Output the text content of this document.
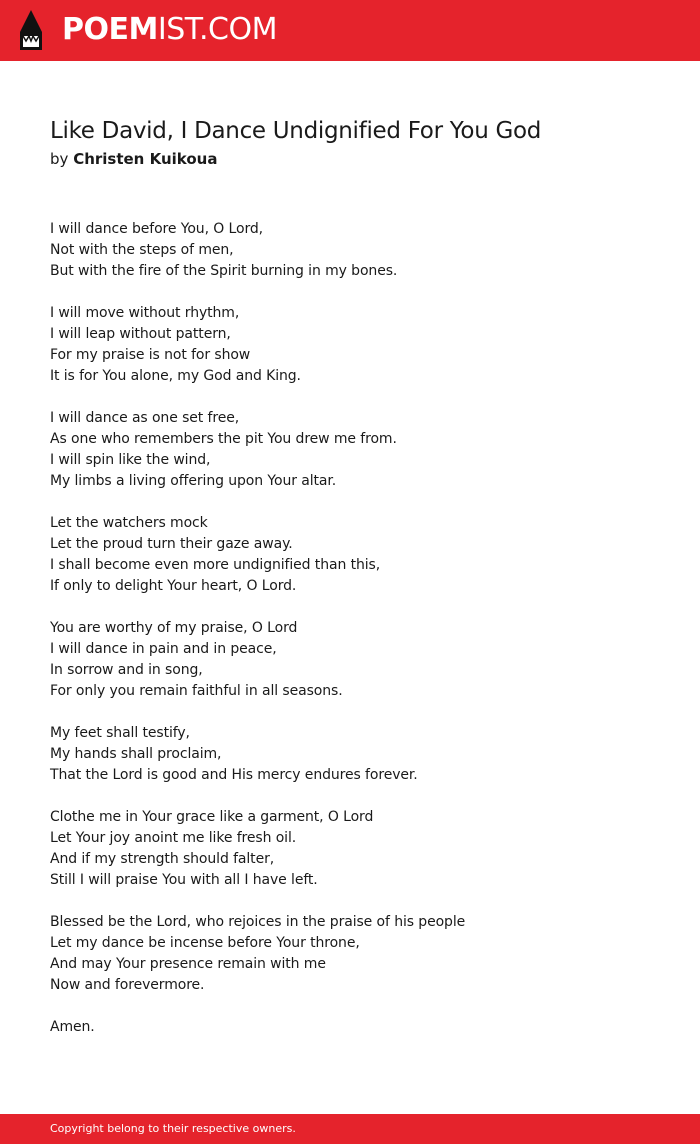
POEMIST.COM
Like David, I Dance Undignified For You God
by Christen Kuikoua
I will dance before You, O Lord,
Not with the steps of men,
But with the fire of the Spirit burning in my bones.
I will move without rhythm,
I will leap without pattern,
For my praise is not for show
It is for You alone, my God and King.
I will dance as one set free,
As one who remembers the pit You drew me from.
I will spin like the wind,
My limbs a living offering upon Your altar.
Let the watchers mock
Let the proud turn their gaze away.
I shall become even more undignified than this,
If only to delight Your heart, O Lord.
You are worthy of my praise, O Lord
I will dance in pain and in peace,
In sorrow and in song,
For only you remain faithful in all seasons.
My feet shall testify,
My hands shall proclaim,
That the Lord is good and His mercy endures forever.
Clothe me in Your grace like a garment, O Lord
Let Your joy anoint me like fresh oil.
And if my strength should falter,
Still I will praise You with all I have left.
Blessed be the Lord, who rejoices in the praise of his people
Let my dance be incense before Your throne,
And may Your presence remain with me
Now and forevermore.
Amen.
Copyright belong to their respective owners.
